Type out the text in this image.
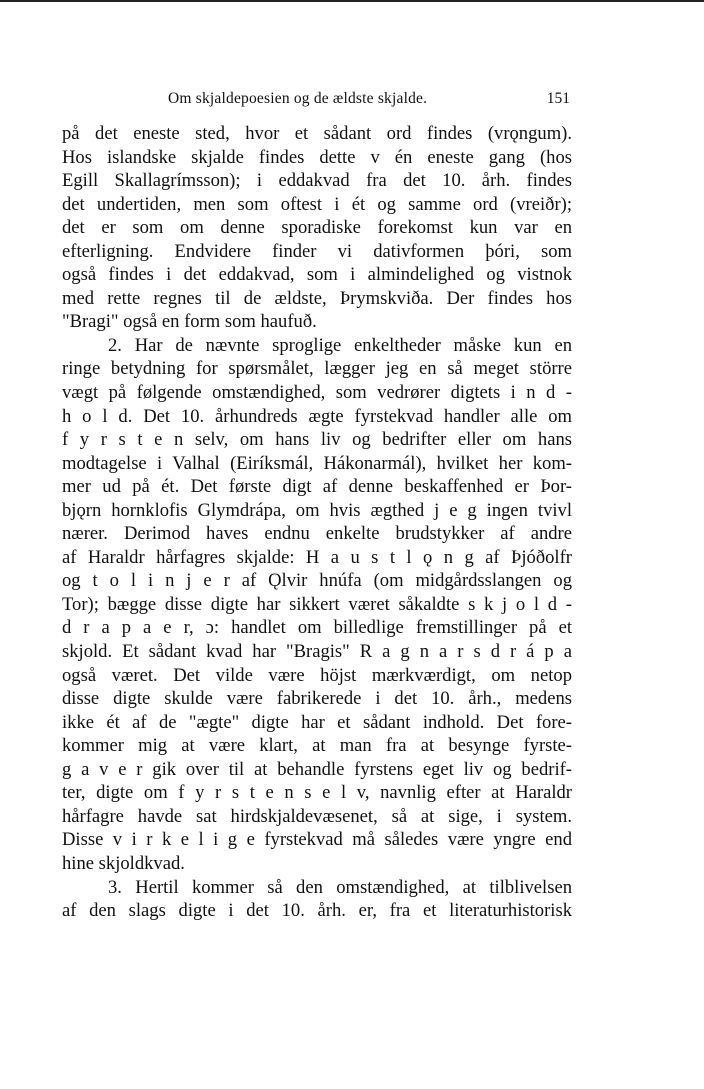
Om skjaldepoesien og de ældste skjalde.	151
på det eneste sted, hvor et sådant ord findes (vrǫngum).
Hos islandske skjalde findes dette v én eneste gang (hos
Egill Skallagrímsson); i eddakvad fra det 10. årh. findes
det undertiden, men som oftest i ét og samme ord (vreiðr);
det er som om denne sporadiske forekomst kun var en
efterligning. Endvidere finder vi dativformen þóri, som
også findes i det eddakvad, som i almindelighed og vistnok
med rette regnes til de ældste, Þrymskviða. Der findes hos
"Bragi" også en form som haufuð.
2. Har de nævnte sproglige enkeltheder måske kun en
ringe betydning for spørsmålet, lægger jeg en så meget större
vægt på følgende omstændighed, som vedrører digtets i n d -
h o l d. Det 10. århundreds ægte fyrstekvad handler alle om
f y r s t e n selv, om hans liv og bedrifter eller om hans
modtagelse i Valhal (Eiríksmál, Hákonarmál), hvilket her kom-
mer ud på ét. Det første digt af denne beskaffenhed er Þor-
bjǫrn hornklofis Glymdrápa, om hvis ægthed j e g ingen tvivl
nærer. Derimod haves endnu enkelte brudstykker af andre
af Haraldr hårfagres skjalde: H a u s t l ǫ n g af Þjóðolfr
og t o l i n j e r af Ǫlvir hnúfa (om midgårdsslangen og
Tor); bægge disse digte har sikkert været såkaldte s k j o l d -
d r a p a e r, ɔ: handlet om billedlige fremstillinger på et
skjold. Et sådant kvad har "Bragis" R a g n a r s d r á p a
også været. Det vilde være höjst mærkværdigt, om netop
disse digte skulde være fabrikerede i det 10. årh., medens
ikke ét af de "ægte" digte har et sådant indhold. Det fore-
kommer mig at være klart, at man fra at besynge fyrste-
g a v e r gik over til at behandle fyrstens eget liv og bedrif-
ter, digte om f y r s t e n s e l v, navnlig efter at Haraldr
hårfagre havde sat hirdskjaldevæsenet, så at sige, i system.
Disse v i r k e l i g e fyrstekvad må således være yngre end
hine skjoldkvad.
3. Hertil kommer så den omstændighed, at tilblivelsen
af den slags digte i det 10. årh. er, fra et literaturhistorisk
